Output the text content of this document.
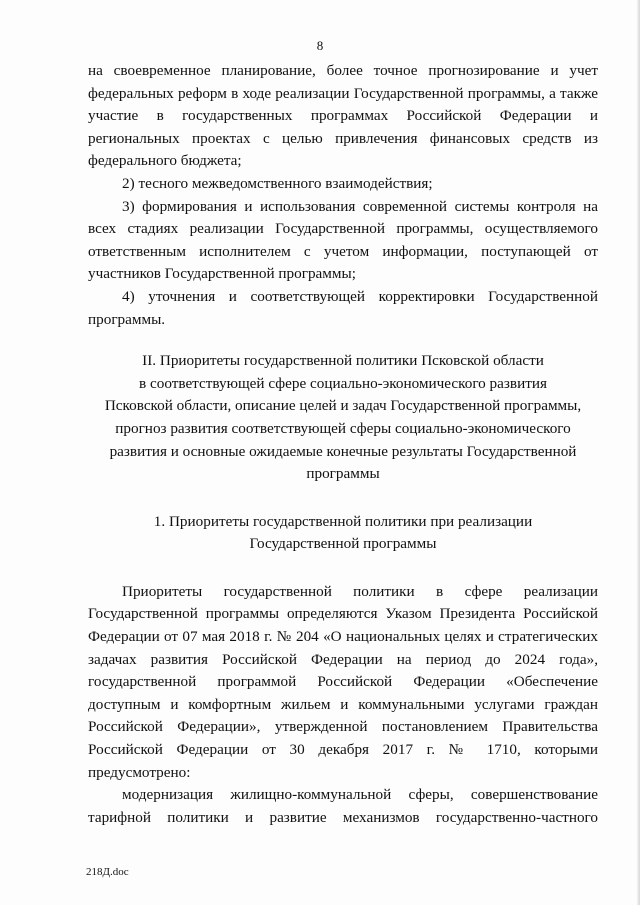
8

на своевременное планирование, более точное прогнозирование и учет федеральных реформ в ходе реализации Государственной программы, а также участие в государственных программах Российской Федерации и региональных проектах с целью привлечения финансовых средств из федерального бюджета;

2) тесного межведомственного взаимодействия;

3) формирования и использования современной системы контроля на всех стадиях реализации Государственной программы, осуществляемого ответственным исполнителем с учетом информации, поступающей от участников Государственной программы;

4) уточнения и соответствующей корректировки Государственной программы.

II. Приоритеты государственной политики Псковской области
в соответствующей сфере социально-экономического развития
Псковской области, описание целей и задач Государственной программы,
прогноз развития соответствующей сферы социально-экономического
развития и основные ожидаемые конечные результаты Государственной
программы
1. Приоритеты государственной политики при реализации
Государственной программы

Приоритеты государственной политики в сфере реализации Государственной программы определяются Указом Президента Российской Федерации от 07 мая 2018 г. № 204 «О национальных целях и стратегических задачах развития Российской Федерации на период до 2024 года», государственной программой Российской Федерации «Обеспечение доступным и комфортным жильем и коммунальными услугами граждан Российской Федерации», утвержденной постановлением Правительства Российской Федерации от 30 декабря 2017 г. № 1710, которыми предусмотрено:

модернизация жилищно-коммунальной сферы, совершенствование тарифной политики и развитие механизмов государственно-частного

218Д.doc
